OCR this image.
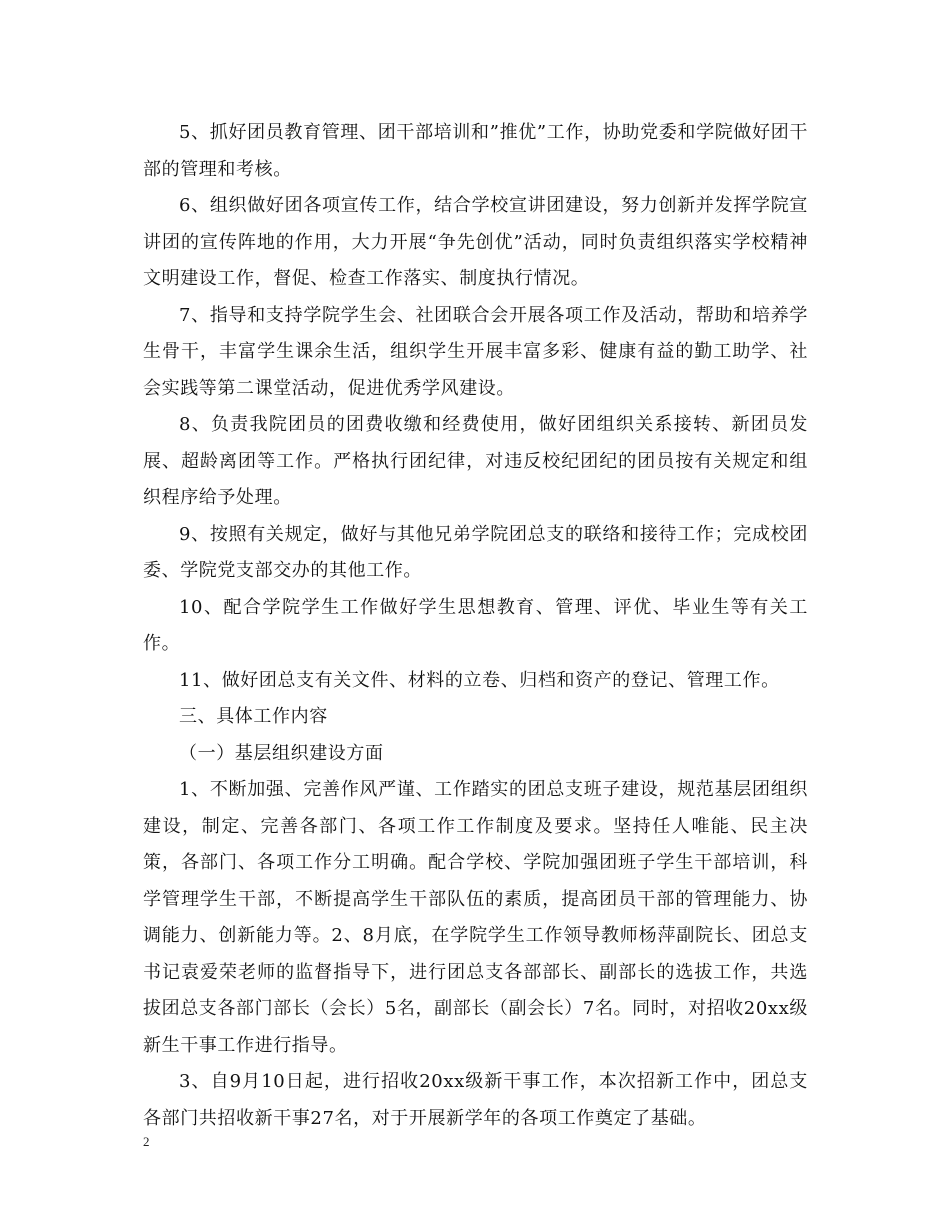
5、抓好团员教育管理、团干部培训和”推优”工作，协助党委和学院做好团干部的管理和考核。

6、组织做好团各项宣传工作，结合学校宣讲团建设，努力创新并发挥学院宣讲团的宣传阵地的作用，大力开展“争先创优”活动，同时负责组织落实学校精神文明建设工作，督促、检查工作落实、制度执行情况。

7、指导和支持学院学生会、社团联合会开展各项工作及活动，帮助和培养学生骨干，丰富学生课余生活，组织学生开展丰富多彩、健康有益的勤工助学、社会实践等第二课堂活动，促进优秀学风建设。

8、负责我院团员的团费收缴和经费使用，做好团组织关系接转、新团员发展、超龄离团等工作。严格执行团纪律，对违反校纪团纪的团员按有关规定和组织程序给予处理。

9、按照有关规定，做好与其他兄弟学院团总支的联络和接待工作；完成校团委、学院党支部交办的其他工作。

10、配合学院学生工作做好学生思想教育、管理、评优、毕业生等有关工作。

11、做好团总支有关文件、材料的立卷、归档和资产的登记、管理工作。

三、具体工作内容

（一）基层组织建设方面

1、不断加强、完善作风严谨、工作踏实的团总支班子建设，规范基层团组织建设，制定、完善各部门、各项工作工作制度及要求。坚持任人唯能、民主决策，各部门、各项工作分工明确。配合学校、学院加强团班子学生干部培训，科学管理学生干部，不断提高学生干部队伍的素质，提高团员干部的管理能力、协调能力、创新能力等。2、8月底，在学院学生工作领导教师杨萍副院长、团总支书记袁爱荣老师的监督指导下，进行团总支各部部长、副部长的选拔工作，共选拔团总支各部门部长（会长）5名，副部长（副会长）7名。同时，对招收20xx级新生干事工作进行指导。

3、自9月10日起，进行招收20xx级新干事工作，本次招新工作中，团总支各部门共招收新干事27名，对于开展新学年的各项工作奠定了基础。

2
